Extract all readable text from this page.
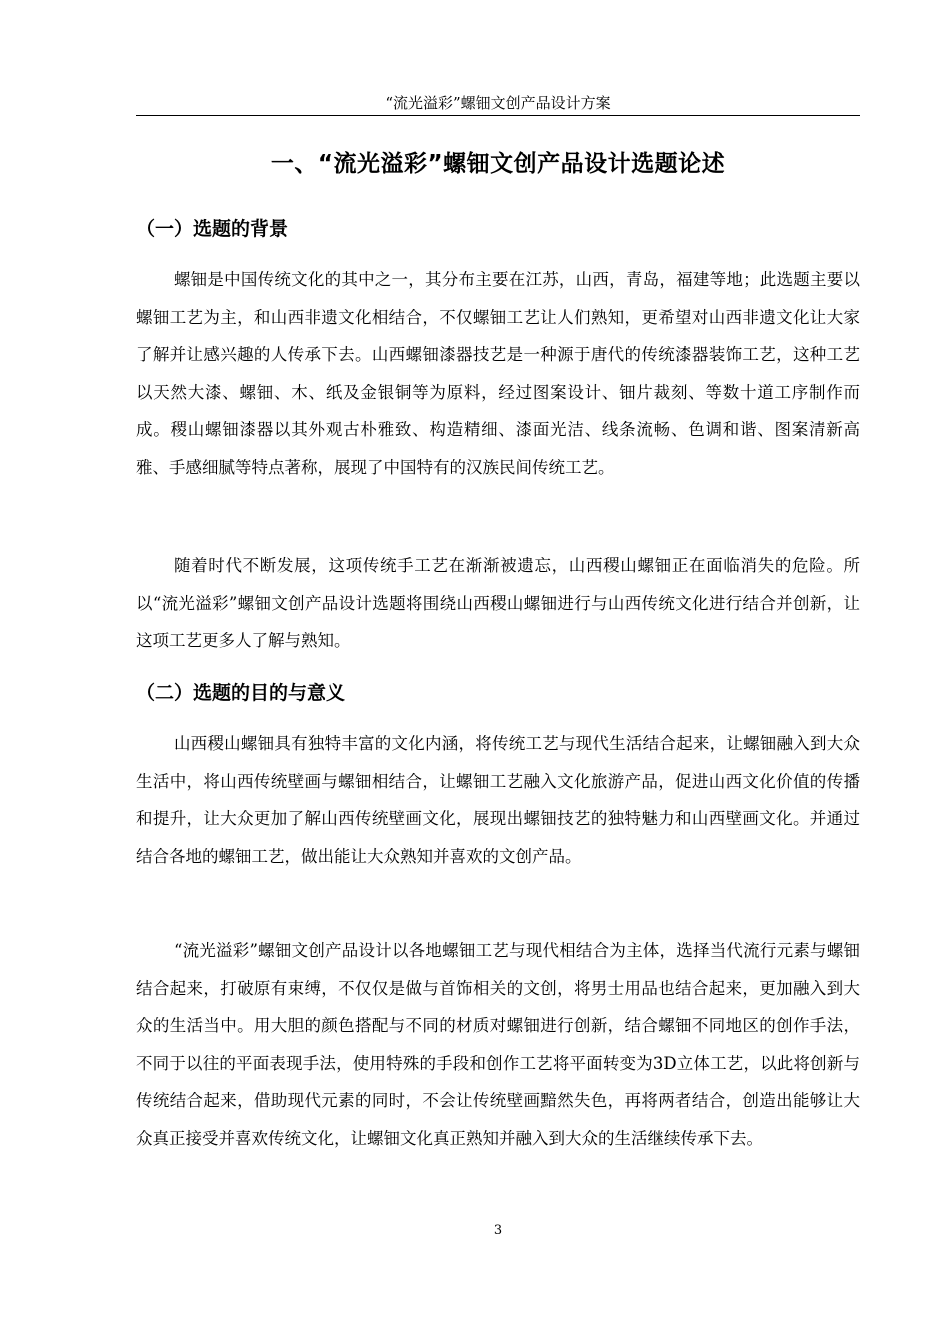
“流光溢彩”螺钿文创产品设计方案
一、“流光溢彩”螺钿文创产品设计选题论述
（一）选题的背景

螺钿是中国传统文化的其中之一，其分布主要在江苏，山西，青岛，福建等地；此选题主要以螺钿工艺为主，和山西非遗文化相结合，不仅螺钿工艺让人们熟知，更希望对山西非遗文化让大家了解并让感兴趣的人传承下去。山西螺钿漆器技艺是一种源于唐代的传统漆器装饰工艺，这种工艺以天然大漆、螺钿、木、纸及金银铜等为原料，经过图案设计、钿片裁刻、等数十道工序制作而成。稷山螺钿漆器以其外观古朴雅致、构造精细、漆面光洁、线条流畅、色调和谐、图案清新高雅、手感细腻等特点著称，展现了中国特有的汉族民间传统工艺。

随着时代不断发展，这项传统手工艺在渐渐被遗忘，山西稷山螺钿正在面临消失的危险。所以“流光溢彩”螺钿文创产品设计选题将围绕山西稷山螺钿进行与山西传统文化进行结合并创新，让这项工艺更多人了解与熟知。

（二）选题的目的与意义

山西稷山螺钿具有独特丰富的文化内涵，将传统工艺与现代生活结合起来，让螺钿融入到大众生活中，将山西传统壁画与螺钿相结合，让螺钿工艺融入文化旅游产品，促进山西文化价值的传播和提升，让大众更加了解山西传统壁画文化，展现出螺钿技艺的独特魅力和山西壁画文化。并通过结合各地的螺钿工艺，做出能让大众熟知并喜欢的文创产品。

“流光溢彩”螺钿文创产品设计以各地螺钿工艺与现代相结合为主体，选择当代流行元素与螺钿结合起来，打破原有束缚，不仅仅是做与首饰相关的文创，将男士用品也结合起来，更加融入到大众的生活当中。用大胆的颜色搭配与不同的材质对螺钿进行创新，结合螺钿不同地区的创作手法，不同于以往的平面表现手法，使用特殊的手段和创作工艺将平面转变为3D立体工艺，以此将创新与传统结合起来，借助现代元素的同时，不会让传统壁画黯然失色，再将两者结合，创造出能够让大众真正接受并喜欢传统文化，让螺钿文化真正熟知并融入到大众的生活继续传承下去。

3
